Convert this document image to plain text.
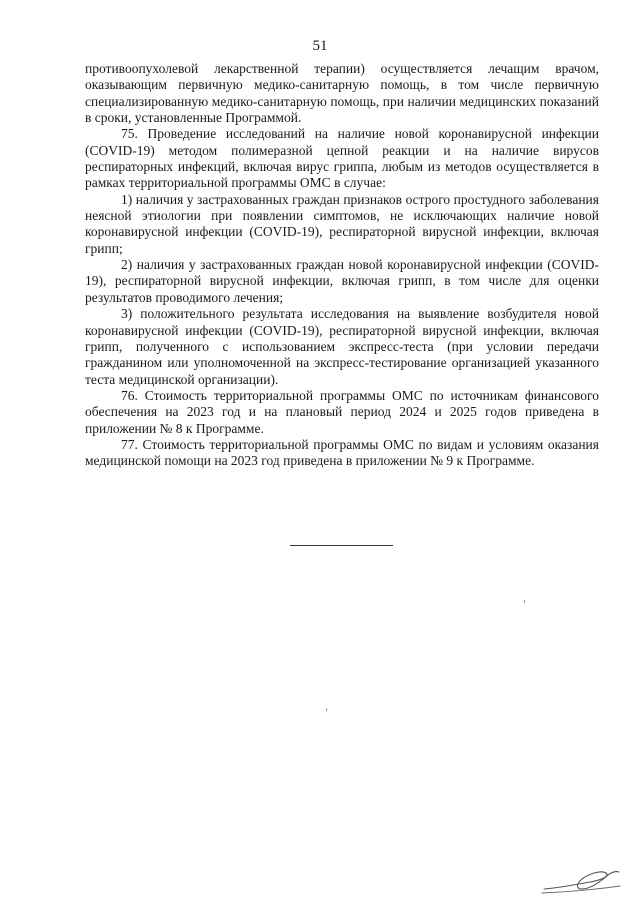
51

противоопухолевой лекарственной терапии) осуществляется лечащим врачом, оказывающим первичную медико-санитарную помощь, в том числе первичную специализированную медико-санитарную помощь, при наличии медицинских показаний в сроки, установленные Программой.

75. Проведение исследований на наличие новой коронавирусной инфекции (COVID-19) методом полимеразной цепной реакции и на наличие вирусов респираторных инфекций, включая вирус гриппа, любым из методов осуществляется в рамках территориальной программы ОМС в случае:

1) наличия у застрахованных граждан признаков острого простудного заболевания неясной этиологии при появлении симптомов, не исключающих наличие новой коронавирусной инфекции (COVID-19), респираторной вирусной инфекции, включая грипп;

2) наличия у застрахованных граждан новой коронавирусной инфекции (COVID-19), респираторной вирусной инфекции, включая грипп, в том числе для оценки результатов проводимого лечения;

3) положительного результата исследования на выявление возбудителя новой коронавирусной инфекции (COVID-19), респираторной вирусной инфекции, включая грипп, полученного с использованием экспресс-теста (при условии передачи гражданином или уполномоченной на экспресс-тестирование организацией указанного теста медицинской организации).

76. Стоимость территориальной программы ОМС по источникам финансового обеспечения на 2023 год и на плановый период 2024 и 2025 годов приведена в приложении № 8 к Программе.

77. Стоимость территориальной программы ОМС по видам и условиям оказания медицинской помощи на 2023 год приведена в приложении № 9 к Программе.
